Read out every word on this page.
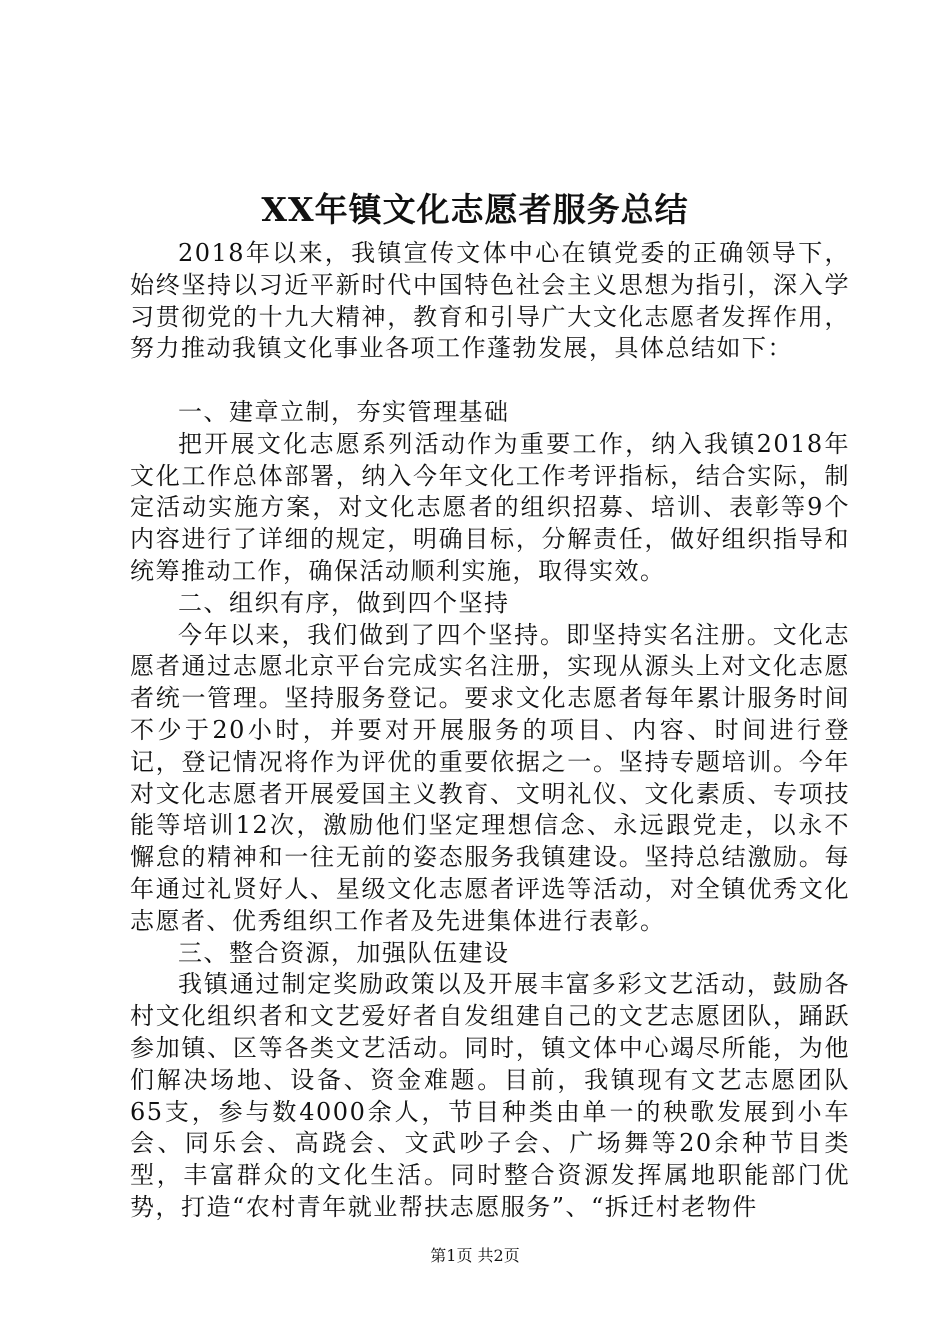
XX年镇文化志愿者服务总结

2018年以来，我镇宣传文体中心在镇党委的正确领导下，始终坚持以习近平新时代中国特色社会主义思想为指引，深入学习贯彻党的十九大精神，教育和引导广大文化志愿者发挥作用，努力推动我镇文化事业各项工作蓬勃发展，具体总结如下：

一、建章立制，夯实管理基础

把开展文化志愿系列活动作为重要工作，纳入我镇2018年文化工作总体部署，纳入今年文化工作考评指标，结合实际，制定活动实施方案，对文化志愿者的组织招募、培训、表彰等9个内容进行了详细的规定，明确目标，分解责任，做好组织指导和统筹推动工作，确保活动顺利实施，取得实效。

二、组织有序，做到四个坚持

今年以来，我们做到了四个坚持。即坚持实名注册。文化志愿者通过志愿北京平台完成实名注册，实现从源头上对文化志愿者统一管理。坚持服务登记。要求文化志愿者每年累计服务时间不少于20小时，并要对开展服务的项目、内容、时间进行登记，登记情况将作为评优的重要依据之一。坚持专题培训。今年对文化志愿者开展爱国主义教育、文明礼仪、文化素质、专项技能等培训12次，激励他们坚定理想信念、永远跟党走，以永不懈怠的精神和一往无前的姿态服务我镇建设。坚持总结激励。每年通过礼贤好人、星级文化志愿者评选等活动，对全镇优秀文化志愿者、优秀组织工作者及先进集体进行表彰。

三、整合资源，加强队伍建设

我镇通过制定奖励政策以及开展丰富多彩文艺活动，鼓励各村文化组织者和文艺爱好者自发组建自己的文艺志愿团队，踊跃参加镇、区等各类文艺活动。同时，镇文体中心竭尽所能，为他们解决场地、设备、资金难题。目前，我镇现有文艺志愿团队65支，参与数4000余人，节目种类由单一的秧歌发展到小车会、同乐会、高跷会、文武吵子会、广场舞等20余种节目类型，丰富群众的文化生活。同时整合资源发挥属地职能部门优势，打造“农村青年就业帮扶志愿服务”、“拆迁村老物件

第1页 共2页
